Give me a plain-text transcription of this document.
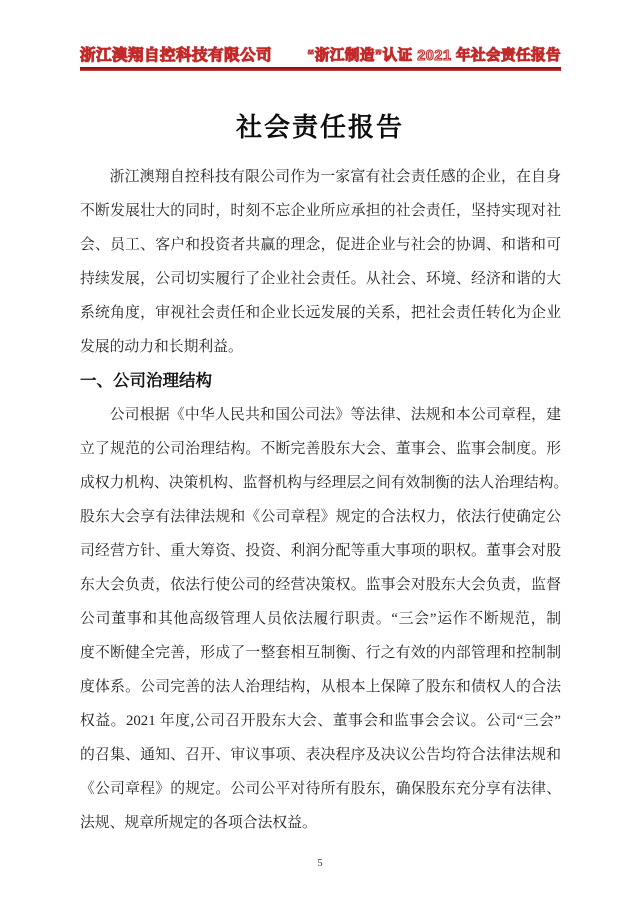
浙江澳翔自控科技有限公司 “浙江制造”认证 2021 年社会责任报告
社会责任报告
浙江澳翔自控科技有限公司作为一家富有社会责任感的企业，在自身
不断发展壮大的同时，时刻不忘企业所应承担的社会责任，坚持实现对社
会、员工、客户和投资者共赢的理念，促进企业与社会的协调、和谐和可
持续发展，公司切实履行了企业社会责任。从社会、环境、经济和谐的大
系统角度，审视社会责任和企业长远发展的关系，把社会责任转化为企业
发展的动力和长期利益。
一、公司治理结构
公司根据《中华人民共和国公司法》等法律、法规和本公司章程，建
立了规范的公司治理结构。不断完善股东大会、董事会、监事会制度。形
成权力机构、决策机构、监督机构与经理层之间有效制衡的法人治理结构。
股东大会享有法律法规和《公司章程》规定的合法权力，依法行使确定公
司经营方针、重大筹资、投资、利润分配等重大事项的职权。董事会对股
东大会负责，依法行使公司的经营决策权。监事会对股东大会负责，监督
公司董事和其他高级管理人员依法履行职责。“三会”运作不断规范，制
度不断健全完善，形成了一整套相互制衡、行之有效的内部管理和控制制
度体系。公司完善的法人治理结构，从根本上保障了股东和债权人的合法
权益。2021 年度,公司召开股东大会、董事会和监事会会议。公司“三会”
的召集、通知、召开、审议事项、表决程序及决议公告均符合法律法规和
《公司章程》的规定。公司公平对待所有股东，确保股东充分享有法律、
法规、规章所规定的各项合法权益。
5
